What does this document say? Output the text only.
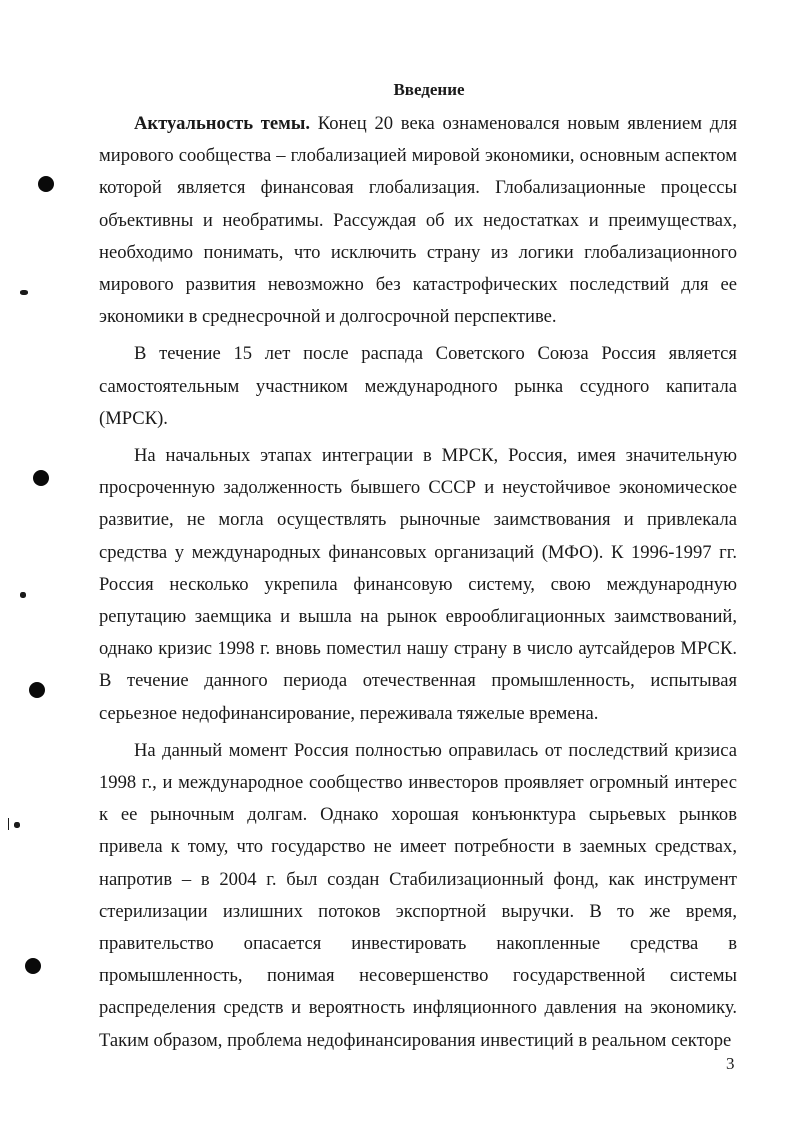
Введение

Актуальность темы. Конец 20 века ознаменовался новым явлением для мирового сообщества – глобализацией мировой экономики, основным аспектом которой является финансовая глобализация. Глобализационные процессы объективны и необратимы. Рассуждая об их недостатках и преимуществах, необходимо понимать, что исключить страну из логики глобализационного мирового развития невозможно без катастрофических последствий для ее экономики в среднесрочной и долгосрочной перспективе.

В течение 15 лет после распада Советского Союза Россия является самостоятельным участником международного рынка ссудного капитала (МРСК).

На начальных этапах интеграции в МРСК, Россия, имея значительную просроченную задолженность бывшего СССР и неустойчивое экономическое развитие, не могла осуществлять рыночные заимствования и привлекала средства у международных финансовых организаций (МФО). К 1996-1997 гг. Россия несколько укрепила финансовую систему, свою международную репутацию заемщика и вышла на рынок еврооблигационных заимствований, однако кризис 1998 г. вновь поместил нашу страну в число аутсайдеров МРСК. В течение данного периода отечественная промышленность, испытывая серьезное недофинансирование, переживала тяжелые времена.

На данный момент Россия полностью оправилась от последствий кризиса 1998 г., и международное сообщество инвесторов проявляет огромный интерес к ее рыночным долгам. Однако хорошая конъюнктура сырьевых рынков привела к тому, что государство не имеет потребности в заемных средствах, напротив – в 2004 г. был создан Стабилизационный фонд, как инструмент стерилизации излишних потоков экспортной выручки. В то же время, правительство опасается инвестировать накопленные средства в промышленность, понимая несовершенство государственной системы распределения средств и вероятность инфляционного давления на экономику. Таким образом, проблема недофинансирования инвестиций в реальном секторе

3
